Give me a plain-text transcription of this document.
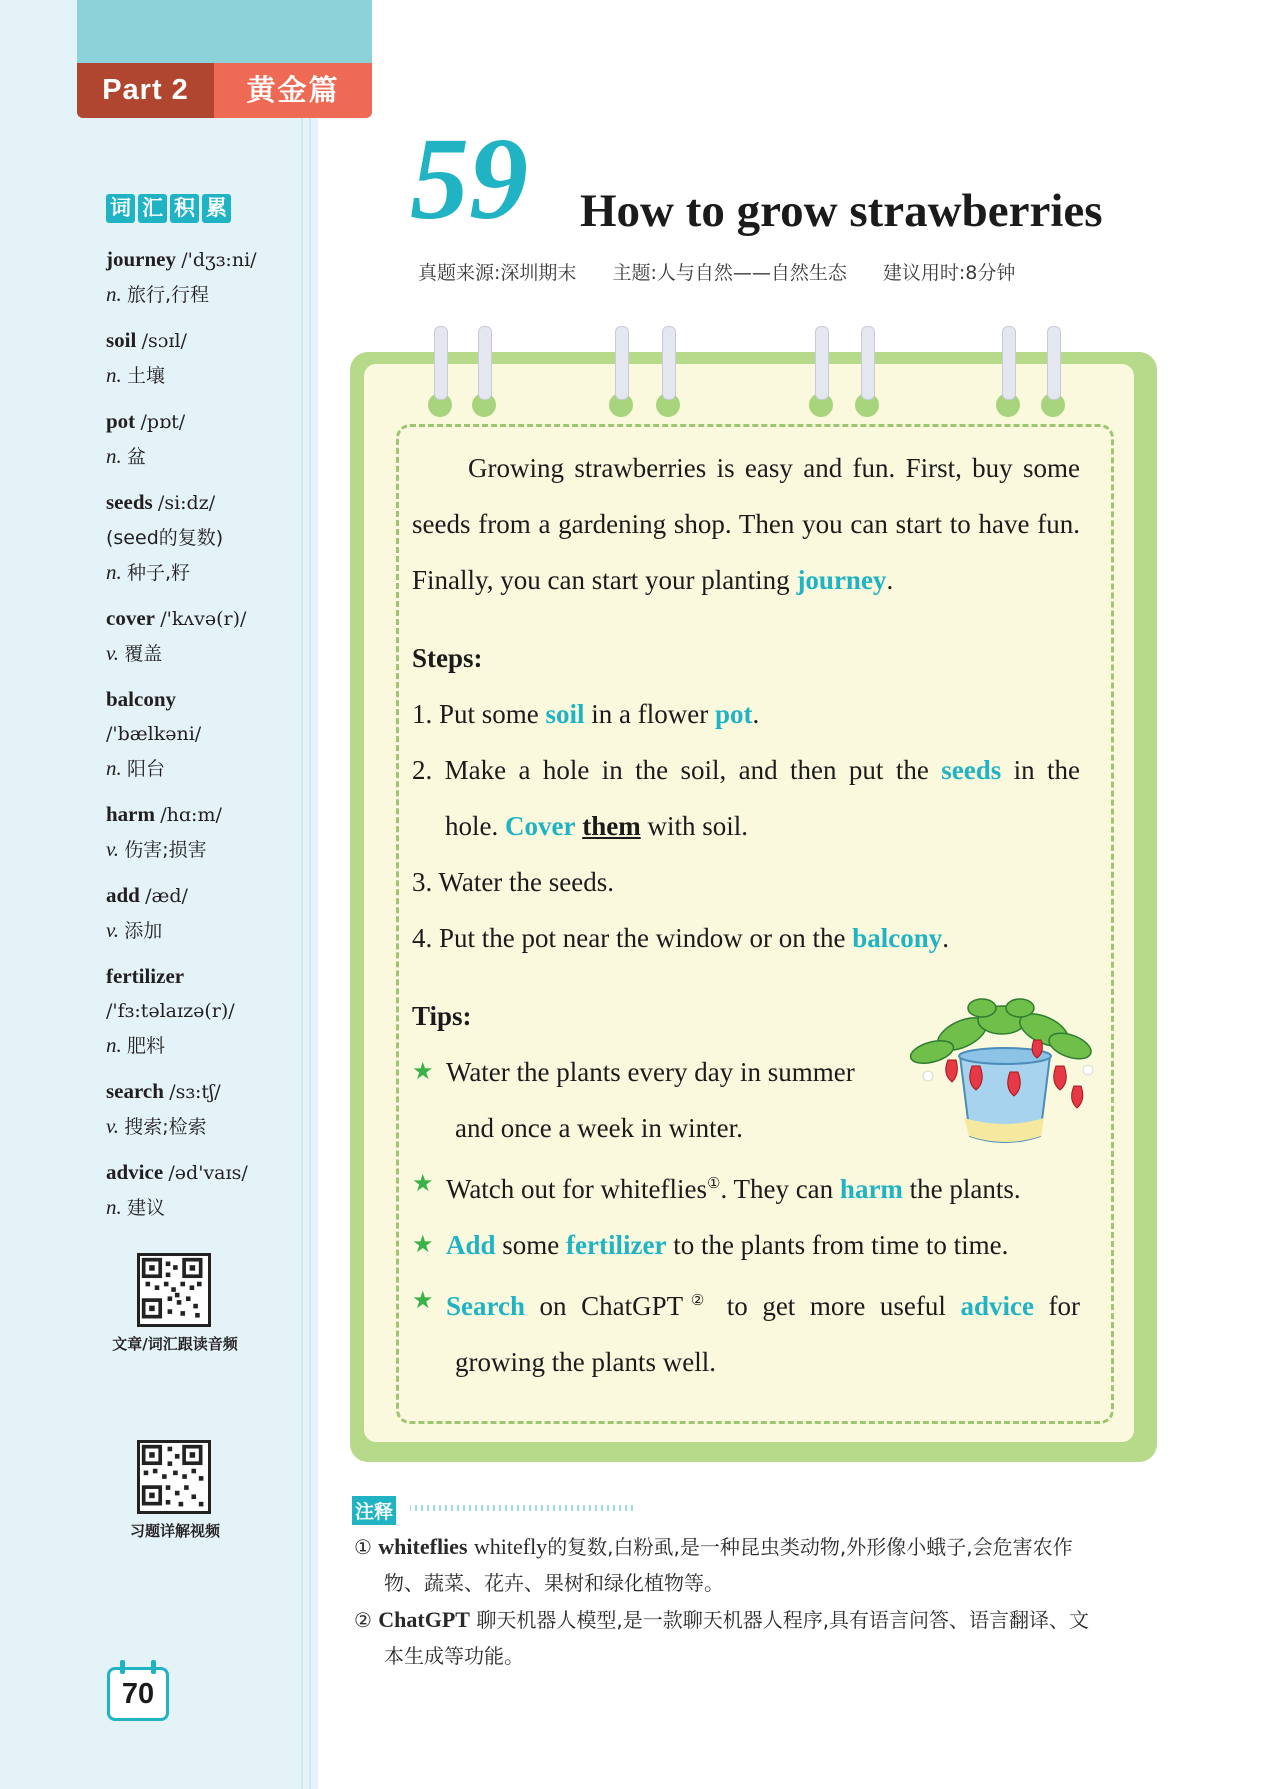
Part 2	黄金篇
词 汇 积 累
journey /'dʒɜ:ni/
n. 旅行,行程
soil /sɔɪl/
n. 土壤
pot /pɒt/
n. 盆
seeds /si:dz/
(seed的复数)
n. 种子,籽
cover /'kʌvə(r)/
v. 覆盖
balcony
/'bælkəni/
n. 阳台
harm /hɑ:m/
v. 伤害;损害
add /æd/
v. 添加
fertilizer
/'fɜ:təlaɪzə(r)/
n. 肥料
search /sɜ:tʃ/
v. 搜索;检索
advice /əd'vaɪs/
n. 建议
文章/词汇跟读音频
习题详解视频
70
59 How to grow strawberries
真题来源:深圳期末 主题:人与自然——自然生态 建议用时:8分钟

Growing strawberries is easy and fun. First, buy some seeds from a gardening shop. Then you can start to have fun. Finally, you can start your planting journey.

Steps:
1. Put some soil in a flower pot.
2. Make a hole in the soil, and then put the seeds in the
hole. Cover them with soil.
3. Water the seeds.
4. Put the pot near the window or on the balcony.
Tips:
★ Water the plants every day in summer
and once a week in winter.
★ Watch out for whiteflies①. They can harm the plants.
★ Add some fertilizer to the plants from time to time.
★ Search on ChatGPT② to get more useful advice for
growing the plants well.
注释
① whiteflies whitefly的复数,白粉虱,是一种昆虫类动物,外形像小蛾子,会危害农作
物、蔬菜、花卉、果树和绿化植物等。
② ChatGPT 聊天机器人模型,是一款聊天机器人程序,具有语言问答、语言翻译、文
本生成等功能。
